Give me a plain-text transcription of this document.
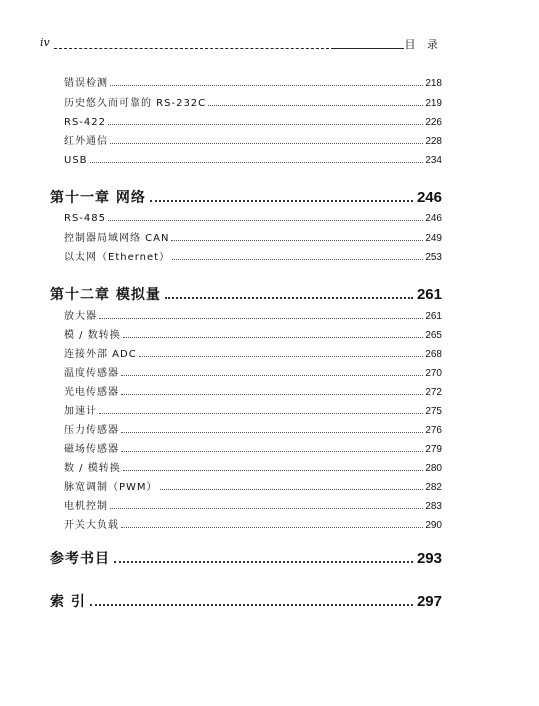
iv	目 录
错误检测	218
历史悠久而可靠的 RS-232C	219
RS-422	226
红外通信	228
USB	234
第十一章 网络	246
RS-485	246
控制器局域网络 CAN	249
以太网（Ethernet）	253
第十二章 模拟量	261
放大器	261
模 / 数转换	265
连接外部 ADC	268
温度传感器	270
光电传感器	272
加速计	275
压力传感器	276
磁场传感器	279
数 / 模转换	280
脉宽调制（PWM）	282
电机控制	283
开关大负载	290
参考书目	293
索 引	297
